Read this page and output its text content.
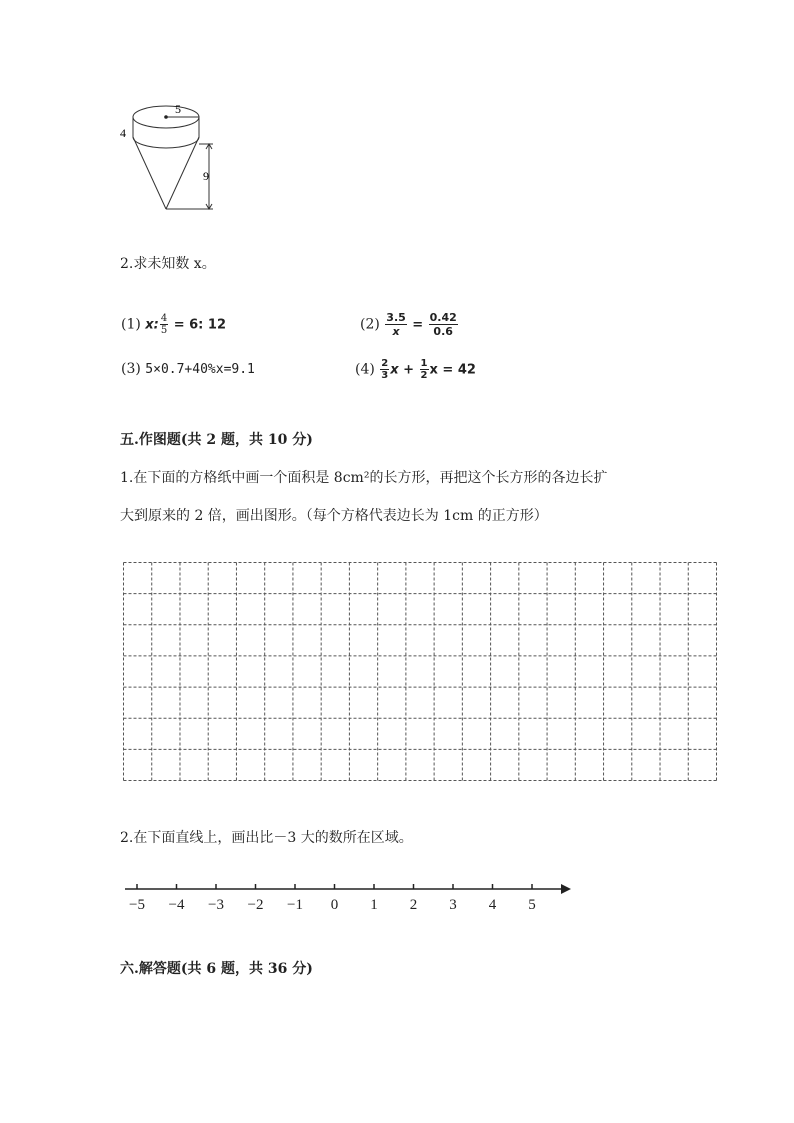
5
4
9
2.求未知数 x。
(1) x: $\frac{4}{5} = 6$: 12	$(2) \frac{3.5}{x} = \frac{0.42}{0.6}$
(3) 5×0.7+40%x=9.1	$(4) \frac{2}{3}$ $x + \frac{1}{2}$ x = 42
五.作图题(共 2 题，共 10 分)
1.在下面的方格纸中画一个面积是 8cm²的长方形，再把这个长方形的各边长扩
大到原来的 2 倍，画出图形。（每个方格代表边长为 1cm 的正方形）
2.在下面直线上，画出比－3 大的数所在区域。
−5 −4 −3 −2 −1 0 1 2 3 4 5
六.解答题(共 6 题，共 36 分)
